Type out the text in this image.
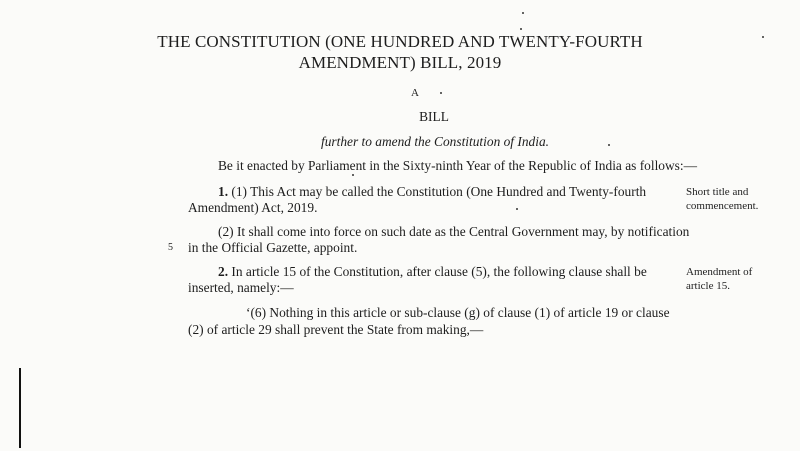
THE CONSTITUTION (ONE HUNDRED AND TWENTY-FOURTH
AMENDMENT) BILL, 2019
A
BILL
further to amend the Constitution of India.
Be it enacted by Parliament in the Sixty-ninth Year of the Republic of India as follows:—
1. (1) This Act may be called the Constitution (One Hundred and Twenty-fourth
Amendment) Act, 2019.
(2) It shall come into force on such date as the Central Government may, by notification
5 in the Official Gazette, appoint.
2. In article 15 of the Constitution, after clause (5), the following clause shall be
inserted, namely:—
‘(6) Nothing in this article or sub-clause (g) of clause (1) of article 19 or clause
(2) of article 29 shall prevent the State from making,—
Short title and commencement.
Amendment of article 15.
